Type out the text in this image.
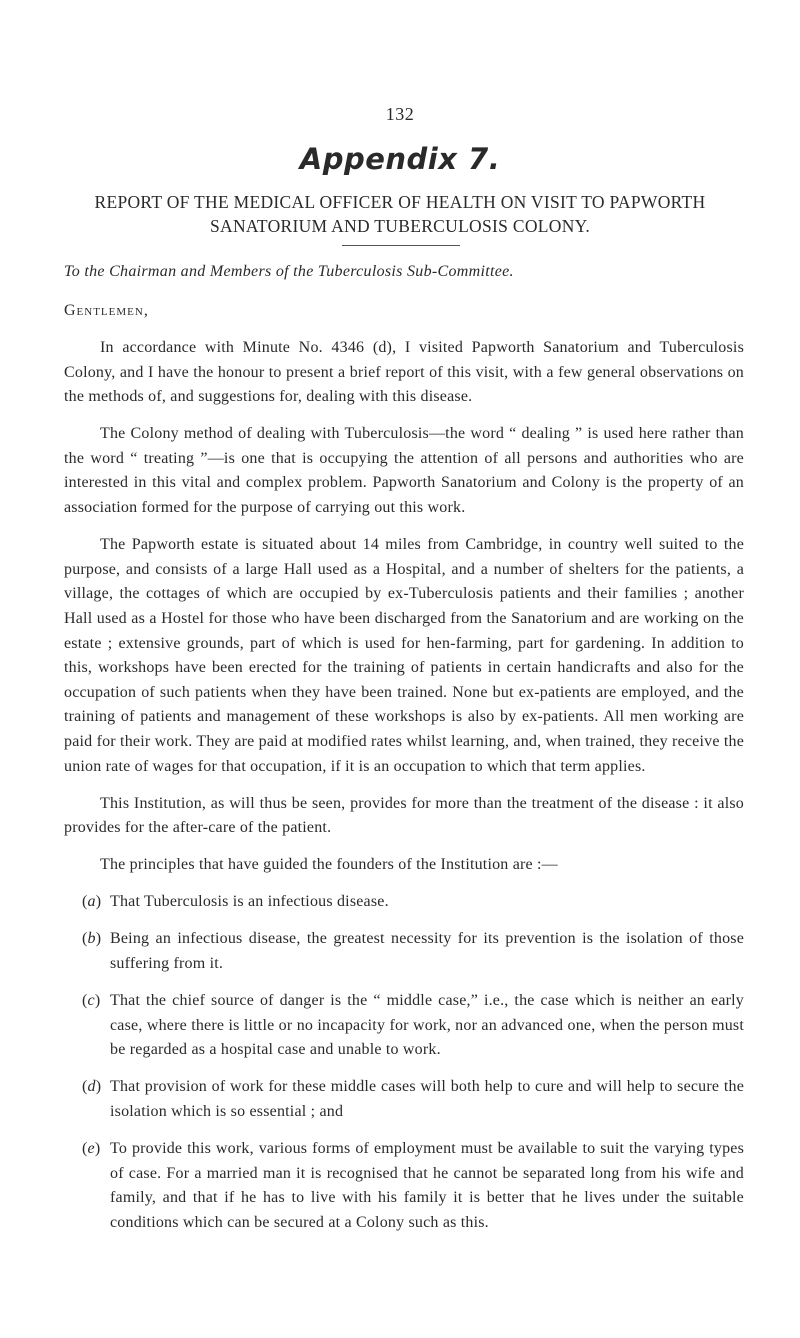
132
Appendix 7.
REPORT OF THE MEDICAL OFFICER OF HEALTH ON VISIT TO PAPWORTH
SANATORIUM AND TUBERCULOSIS COLONY.
To the Chairman and Members of the Tuberculosis Sub-Committee.
Gentlemen,

In accordance with Minute No. 4346 (d), I visited Papworth Sanatorium and Tuberculosis Colony, and I have the honour to present a brief report of this visit, with a few general observations on the methods of, and suggestions for, dealing with this disease.

The Colony method of dealing with Tuberculosis—the word “ dealing ” is used here rather than the word “ treating ”—is one that is occupying the attention of all persons and authorities who are interested in this vital and complex problem. Papworth Sanatorium and Colony is the property of an association formed for the purpose of carrying out this work.

The Papworth estate is situated about 14 miles from Cambridge, in country well suited to the purpose, and consists of a large Hall used as a Hospital, and a number of shelters for the patients, a village, the cottages of which are occupied by ex-Tuberculosis patients and their families ; another Hall used as a Hostel for those who have been discharged from the Sanatorium and are working on the estate ; extensive grounds, part of which is used for hen-farming, part for gardening. In addition to this, workshops have been erected for the training of patients in certain handicrafts and also for the occupation of such patients when they have been trained. None but ex-patients are employed, and the training of patients and management of these workshops is also by ex-patients. All men working are paid for their work. They are paid at modified rates whilst learning, and, when trained, they receive the union rate of wages for that occupation, if it is an occupation to which that term applies.

This Institution, as will thus be seen, provides for more than the treatment of the disease : it also provides for the after-care of the patient.

The principles that have guided the founders of the Institution are :—

(a) That Tuberculosis is an infectious disease.
(b) Being an infectious disease, the greatest necessity for its prevention is the isolation of those suffering from it.
(c) That the chief source of danger is the “ middle case,” i.e., the case which is neither an early case, where there is little or no incapacity for work, nor an advanced one, when the person must be regarded as a hospital case and unable to work.
(d) That provision of work for these middle cases will both help to cure and will help to secure the isolation which is so essential ; and
(e) To provide this work, various forms of employment must be available to suit the varying types of case. For a married man it is recognised that he cannot be separated long from his wife and family, and that if he has to live with his family it is better that he lives under the suitable conditions which can be secured at a Colony such as this.
